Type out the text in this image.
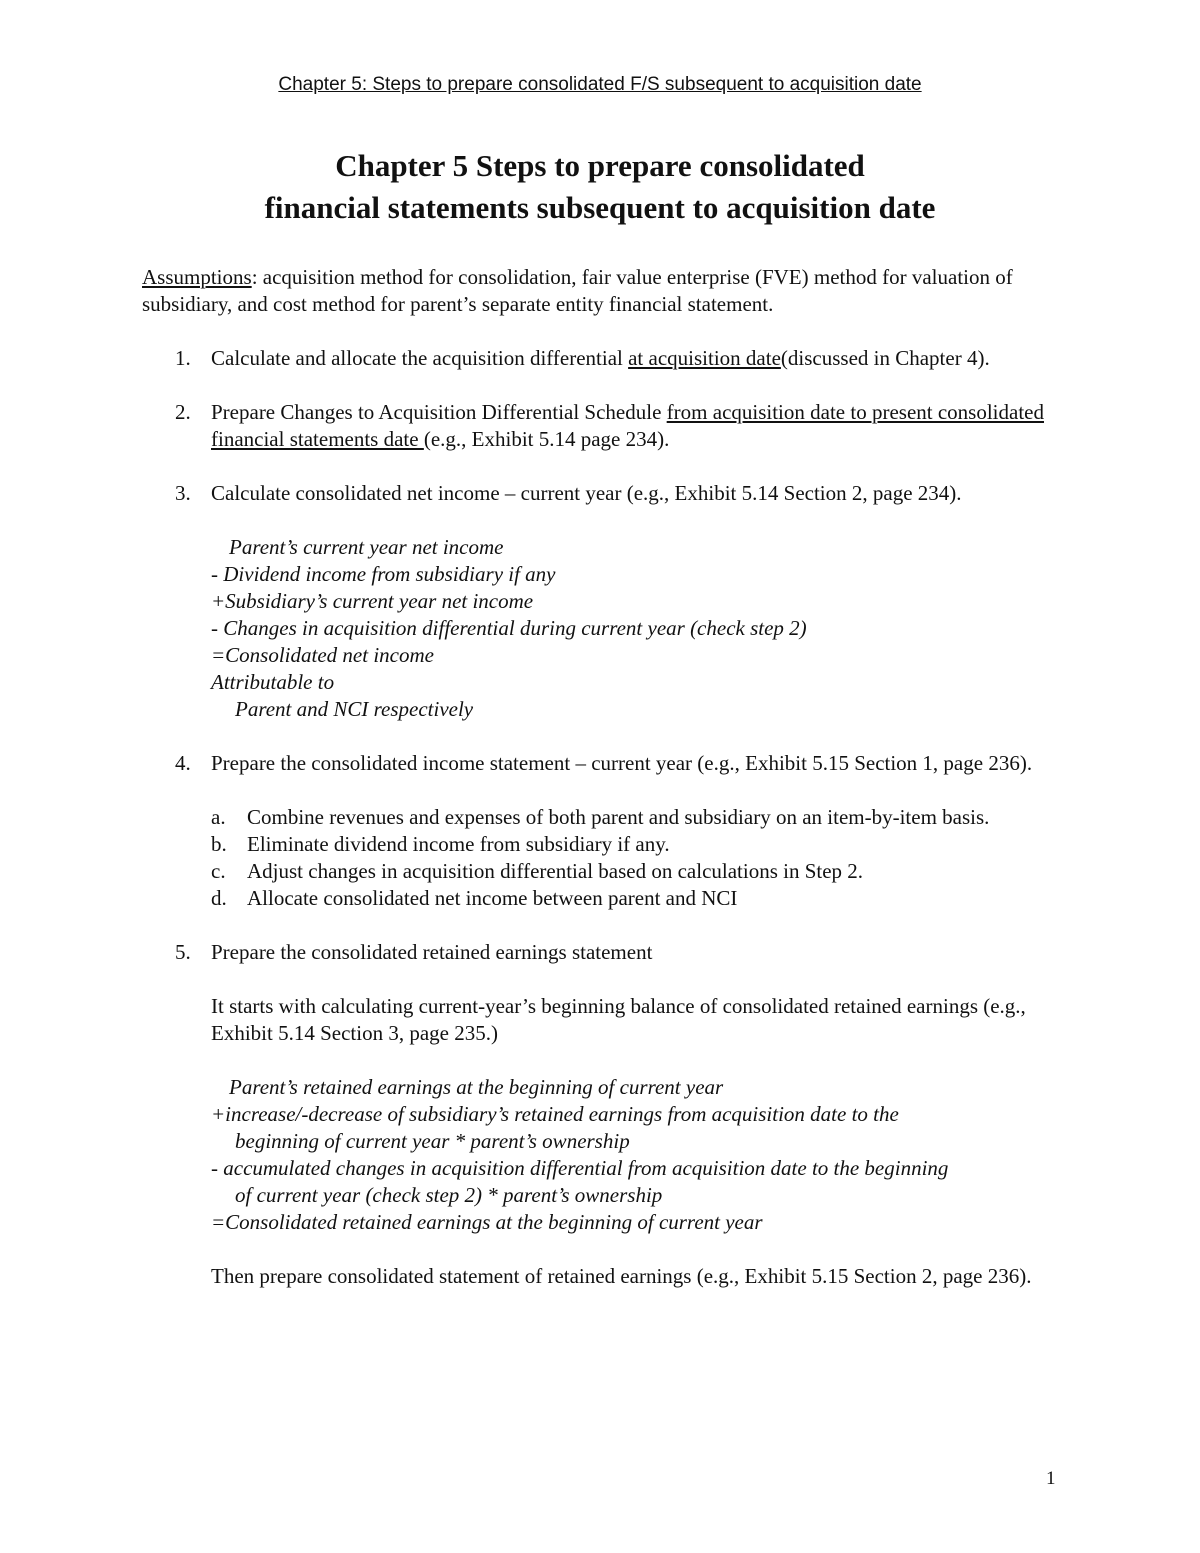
Chapter 5: Steps to prepare consolidated F/S subsequent to acquisition date
Chapter 5 Steps to prepare consolidated
financial statements subsequent to acquisition date
Assumptions: acquisition method for consolidation, fair value enterprise (FVE) method for valuation of subsidiary, and cost method for parent’s separate entity financial statement.
1. Calculate and allocate the acquisition differential at acquisition date(discussed in Chapter 4).
2. Prepare Changes to Acquisition Differential Schedule from acquisition date to present consolidated financial statements date (e.g., Exhibit 5.14 page 234).
3. Calculate consolidated net income – current year (e.g., Exhibit 5.14 Section 2, page 234).
Parent’s current year net income
- Dividend income from subsidiary if any
+Subsidiary’s current year net income
- Changes in acquisition differential during current year (check step 2)
=Consolidated net income
Attributable to
Parent and NCI respectively
4. Prepare the consolidated income statement – current year (e.g., Exhibit 5.15 Section 1, page 236).
a. Combine revenues and expenses of both parent and subsidiary on an item-by-item basis.
b. Eliminate dividend income from subsidiary if any.
c. Adjust changes in acquisition differential based on calculations in Step 2.
d. Allocate consolidated net income between parent and NCI
5. Prepare the consolidated retained earnings statement
It starts with calculating current-year’s beginning balance of consolidated retained earnings (e.g., Exhibit 5.14 Section 3, page 235.)
Parent’s retained earnings at the beginning of current year
+increase/-decrease of subsidiary’s retained earnings from acquisition date to the
beginning of current year * parent’s ownership
- accumulated changes in acquisition differential from acquisition date to the beginning
of current year (check step 2) * parent’s ownership
=Consolidated retained earnings at the beginning of current year
Then prepare consolidated statement of retained earnings (e.g., Exhibit 5.15 Section 2, page 236).
1
